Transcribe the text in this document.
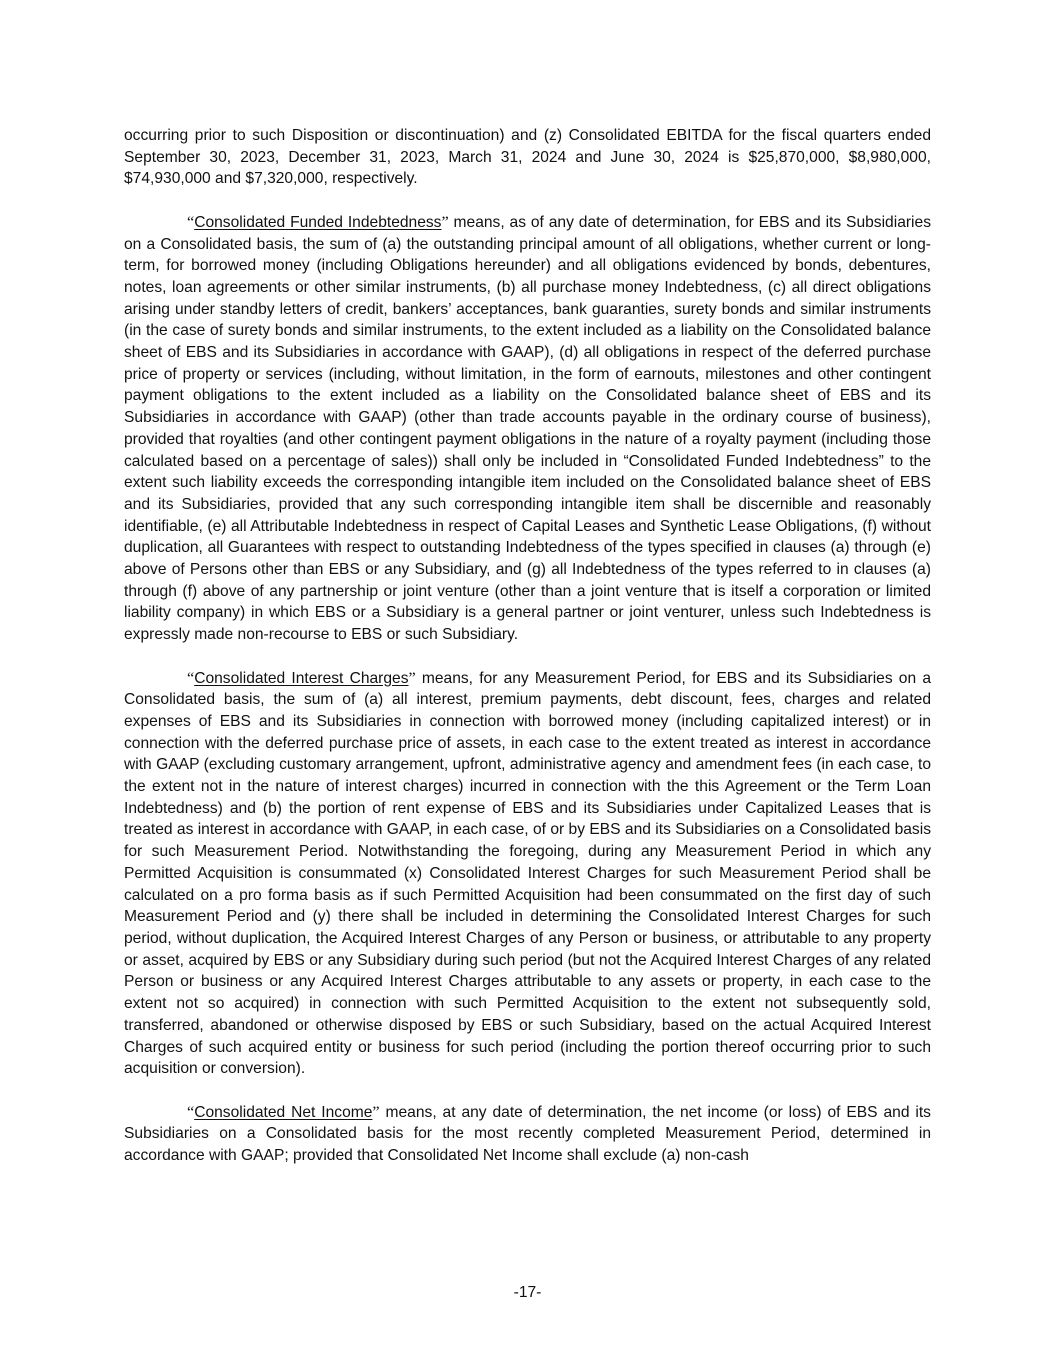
occurring prior to such Disposition or discontinuation) and (z) Consolidated EBITDA for the fiscal quarters ended September 30, 2023, December 31, 2023, March 31, 2024 and June 30, 2024 is $25,870,000, $8,980,000, $74,930,000 and $7,320,000, respectively.

“Consolidated Funded Indebtedness” means, as of any date of determination, for EBS and its Subsidiaries on a Consolidated basis, the sum of (a) the outstanding principal amount of all obligations, whether current or long-term, for borrowed money (including Obligations hereunder) and all obligations evidenced by bonds, debentures, notes, loan agreements or other similar instruments, (b) all purchase money Indebtedness, (c) all direct obligations arising under standby letters of credit, bankers’ acceptances, bank guaranties, surety bonds and similar instruments (in the case of surety bonds and similar instruments, to the extent included as a liability on the Consolidated balance sheet of EBS and its Subsidiaries in accordance with GAAP), (d) all obligations in respect of the deferred purchase price of property or services (including, without limitation, in the form of earnouts, milestones and other contingent payment obligations to the extent included as a liability on the Consolidated balance sheet of EBS and its Subsidiaries in accordance with GAAP) (other than trade accounts payable in the ordinary course of business), provided that royalties (and other contingent payment obligations in the nature of a royalty payment (including those calculated based on a percentage of sales)) shall only be included in “Consolidated Funded Indebtedness” to the extent such liability exceeds the corresponding intangible item included on the Consolidated balance sheet of EBS and its Subsidiaries, provided that any such corresponding intangible item shall be discernible and reasonably identifiable, (e) all Attributable Indebtedness in respect of Capital Leases and Synthetic Lease Obligations, (f) without duplication, all Guarantees with respect to outstanding Indebtedness of the types specified in clauses (a) through (e) above of Persons other than EBS or any Subsidiary, and (g) all Indebtedness of the types referred to in clauses (a) through (f) above of any partnership or joint venture (other than a joint venture that is itself a corporation or limited liability company) in which EBS or a Subsidiary is a general partner or joint venturer, unless such Indebtedness is expressly made non-recourse to EBS or such Subsidiary.

“Consolidated Interest Charges” means, for any Measurement Period, for EBS and its Subsidiaries on a Consolidated basis, the sum of (a) all interest, premium payments, debt discount, fees, charges and related expenses of EBS and its Subsidiaries in connection with borrowed money (including capitalized interest) or in connection with the deferred purchase price of assets, in each case to the extent treated as interest in accordance with GAAP (excluding customary arrangement, upfront, administrative agency and amendment fees (in each case, to the extent not in the nature of interest charges) incurred in connection with the this Agreement or the Term Loan Indebtedness) and (b) the portion of rent expense of EBS and its Subsidiaries under Capitalized Leases that is treated as interest in accordance with GAAP, in each case, of or by EBS and its Subsidiaries on a Consolidated basis for such Measurement Period. Notwithstanding the foregoing, during any Measurement Period in which any Permitted Acquisition is consummated (x) Consolidated Interest Charges for such Measurement Period shall be calculated on a pro forma basis as if such Permitted Acquisition had been consummated on the first day of such Measurement Period and (y) there shall be included in determining the Consolidated Interest Charges for such period, without duplication, the Acquired Interest Charges of any Person or business, or attributable to any property or asset, acquired by EBS or any Subsidiary during such period (but not the Acquired Interest Charges of any related Person or business or any Acquired Interest Charges attributable to any assets or property, in each case to the extent not so acquired) in connection with such Permitted Acquisition to the extent not subsequently sold, transferred, abandoned or otherwise disposed by EBS or such Subsidiary, based on the actual Acquired Interest Charges of such acquired entity or business for such period (including the portion thereof occurring prior to such acquisition or conversion).

“Consolidated Net Income” means, at any date of determination, the net income (or loss) of EBS and its Subsidiaries on a Consolidated basis for the most recently completed Measurement Period, determined in accordance with GAAP; provided that Consolidated Net Income shall exclude (a) non-cash

-17-
